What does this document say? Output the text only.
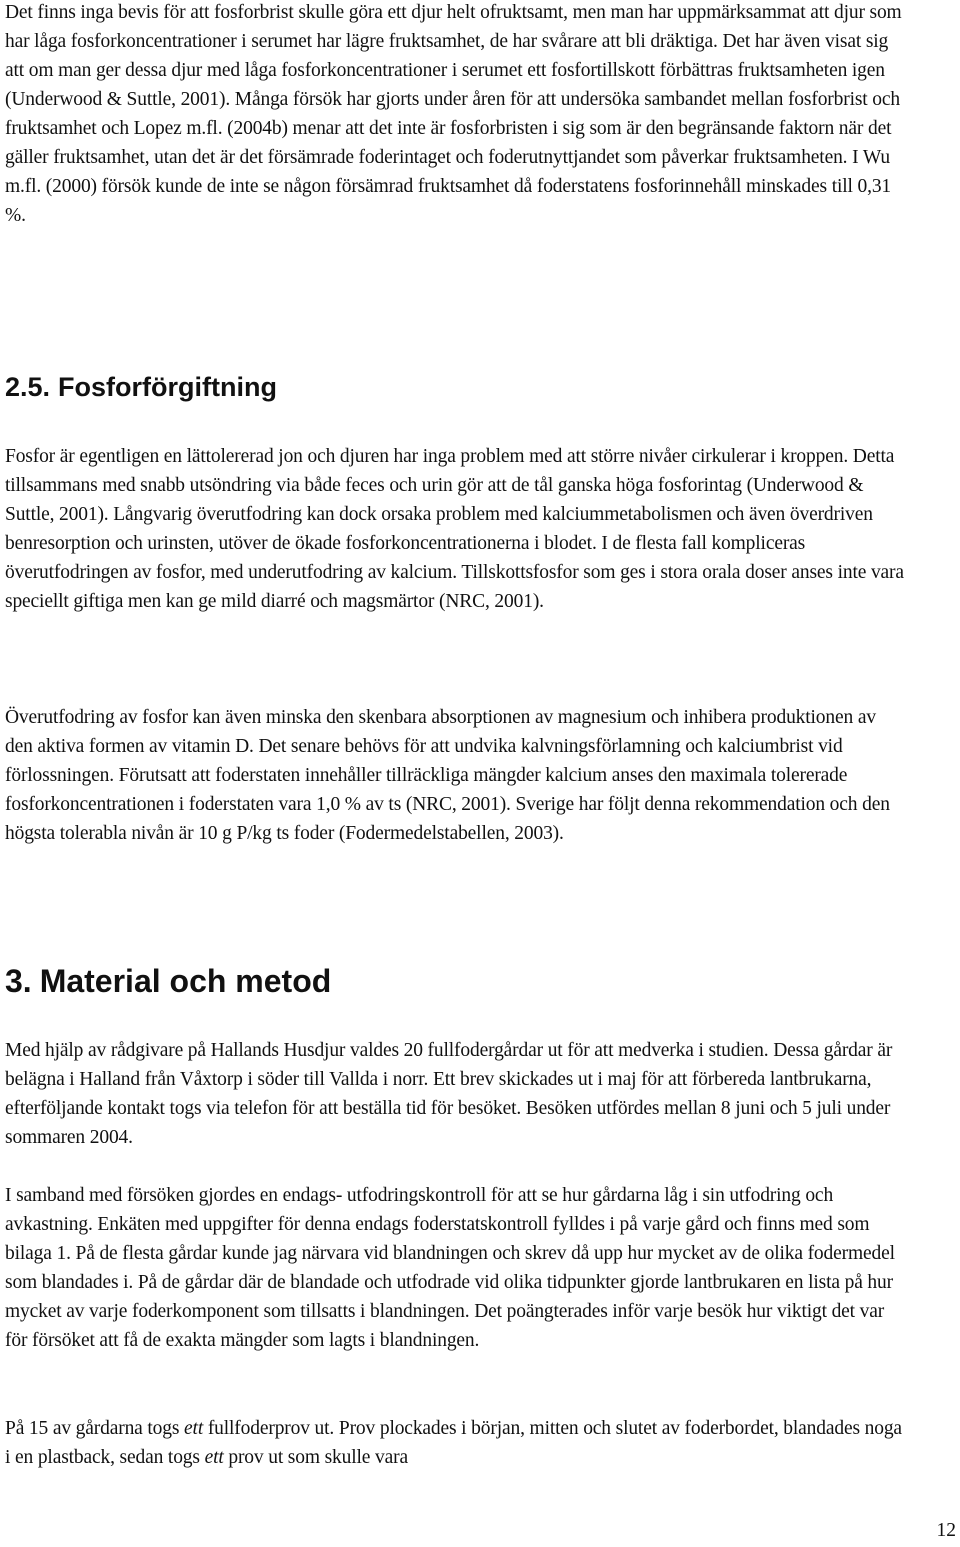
Det finns inga bevis för att fosforbrist skulle göra ett djur helt ofruktsamt, men man har uppmärksammat att djur som har låga fosforkoncentrationer i serumet har lägre fruktsamhet, de har svårare att bli dräktiga. Det har även visat sig att om man ger dessa djur med låga fosforkoncentrationer i serumet ett fosfortillskott förbättras fruktsamheten igen (Underwood & Suttle, 2001). Många försök har gjorts under åren för att undersöka sambandet mellan fosforbrist och fruktsamhet och Lopez m.fl. (2004b) menar att det inte är fosforbristen i sig som är den begränsande faktorn när det gäller fruktsamhet, utan det är det försämrade foderintaget och foderutnyttjandet som påverkar fruktsamheten. I Wu m.fl. (2000) försök kunde de inte se någon försämrad fruktsamhet då foderstatens fosforinnehåll minskades till 0,31 %.

2.5. Fosforförgiftning

Fosfor är egentligen en lättolererad jon och djuren har inga problem med att större nivåer cirkulerar i kroppen. Detta tillsammans med snabb utsöndring via både feces och urin gör att de tål ganska höga fosforintag (Underwood & Suttle, 2001). Långvarig överutfodring kan dock orsaka problem med kalciummetabolismen och även överdriven benresorption och urinsten, utöver de ökade fosforkoncentrationerna i blodet. I de flesta fall kompliceras överutfodringen av fosfor, med underutfodring av kalcium. Tillskottsfosfor som ges i stora orala doser anses inte vara speciellt giftiga men kan ge mild diarré och magsmärtor (NRC, 2001).

Överutfodring av fosfor kan även minska den skenbara absorptionen av magnesium och inhibera produktionen av den aktiva formen av vitamin D. Det senare behövs för att undvika kalvningsförlamning och kalciumbrist vid förlossningen. Förutsatt att foderstaten innehåller tillräckliga mängder kalcium anses den maximala tolererade fosforkoncentrationen i foderstaten vara 1,0 % av ts (NRC, 2001). Sverige har följt denna rekommendation och den högsta tolerabla nivån är 10 g P/kg ts foder (Fodermedelstabellen, 2003).

3. Material och metod

Med hjälp av rådgivare på Hallands Husdjur valdes 20 fullfodergårdar ut för att medverka i studien. Dessa gårdar är belägna i Halland från Våxtorp i söder till Vallda i norr. Ett brev skickades ut i maj för att förbereda lantbrukarna, efterföljande kontakt togs via telefon för att beställa tid för besöket. Besöken utfördes mellan 8 juni och 5 juli under sommaren 2004.

I samband med försöken gjordes en endags- utfodringskontroll för att se hur gårdarna låg i sin utfodring och avkastning. Enkäten med uppgifter för denna endags foderstatskontroll fylldes i på varje gård och finns med som bilaga 1. På de flesta gårdar kunde jag närvara vid blandningen och skrev då upp hur mycket av de olika fodermedel som blandades i. På de gårdar där de blandade och utfodrade vid olika tidpunkter gjorde lantbrukaren en lista på hur mycket av varje foderkomponent som tillsatts i blandningen. Det poängterades inför varje besök hur viktigt det var för försöket att få de exakta mängder som lagts i blandningen.

På 15 av gårdarna togs ett fullfoderprov ut. Prov plockades i början, mitten och slutet av foderbordet, blandades noga i en plastback, sedan togs ett prov ut som skulle vara

12
